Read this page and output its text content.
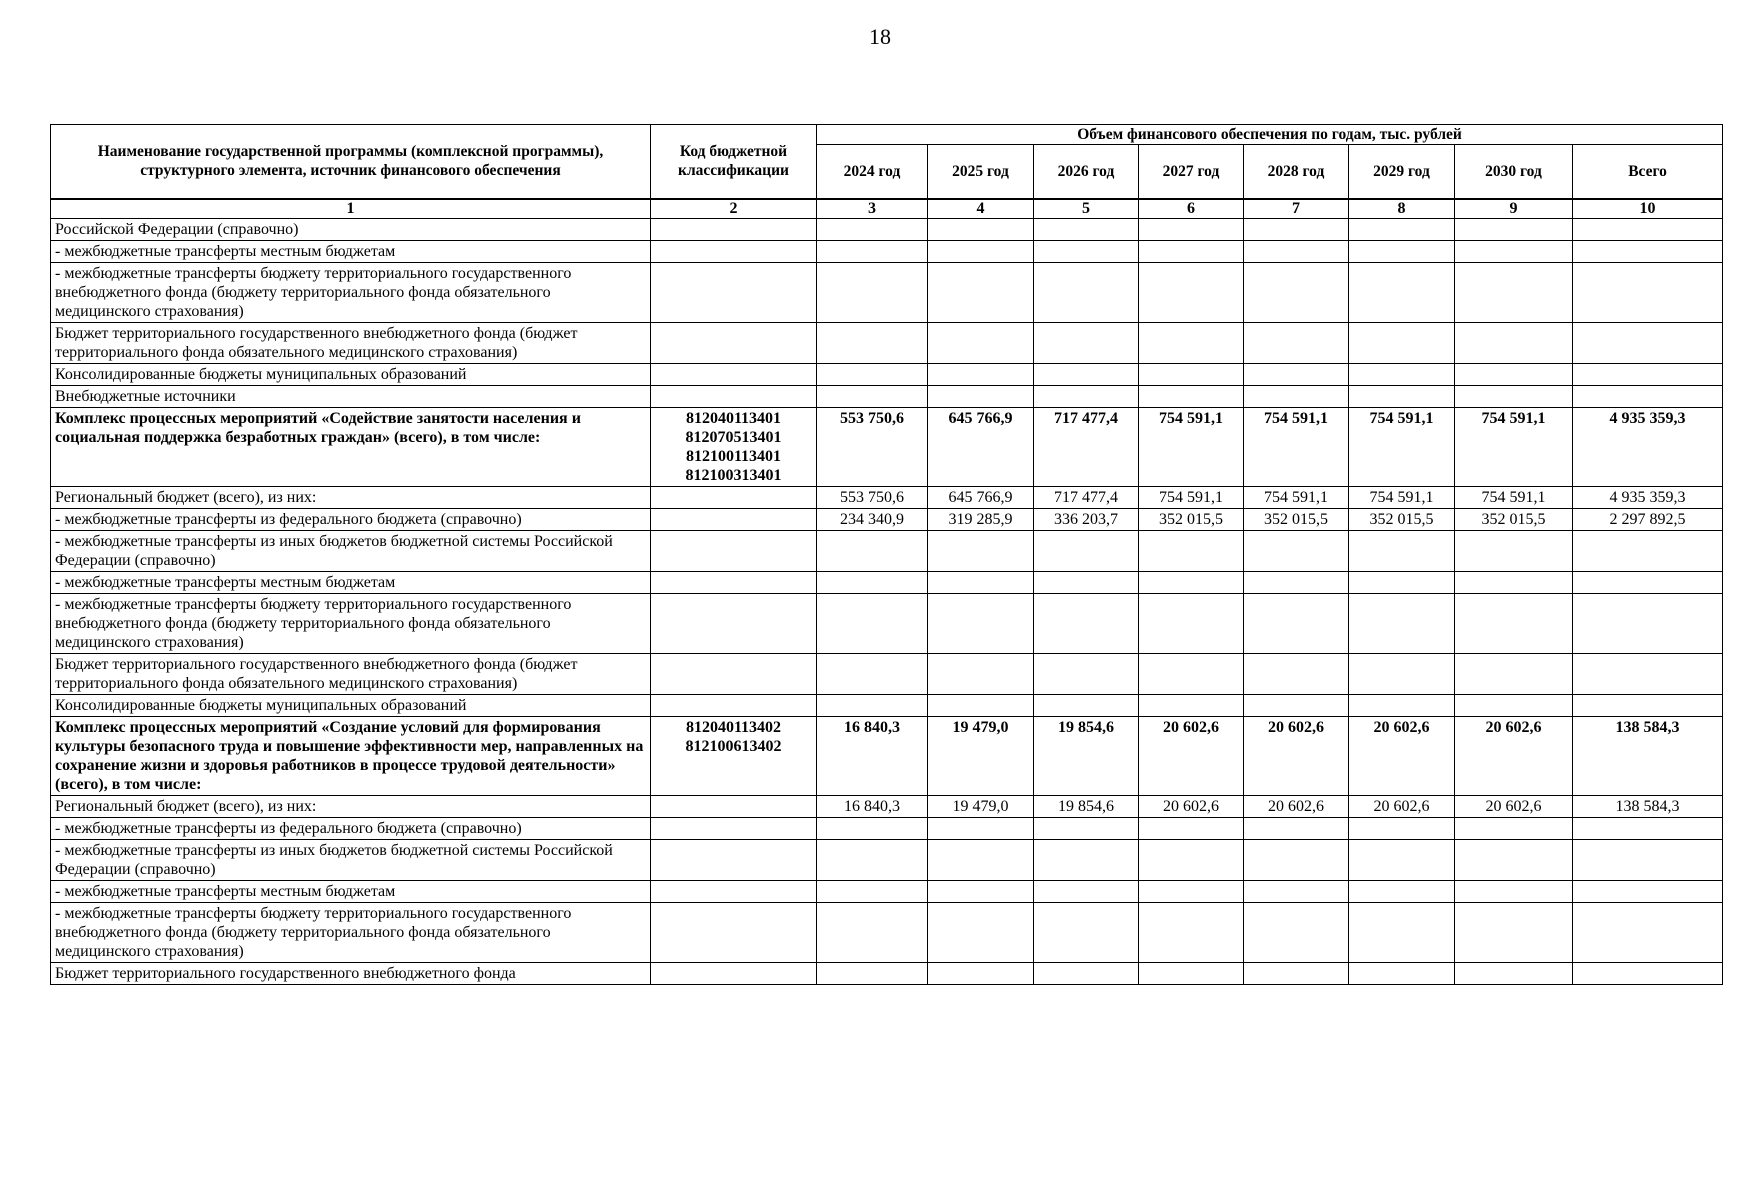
18
Наименование государственной программы (комплексной программы), структурного элемента, источник финансового обеспечения	Код бюджетной классификации	Объем финансового обеспечения по годам, тыс. рублей							
		2024 год	2025 год	2026 год	2027 год	2028 год	2029 год	2030 год	Всего
1	2	3	4	5	6	7	8	9	10
Российской Федерации (справочно)									
- межбюджетные трансферты местным бюджетам									
- межбюджетные трансферты бюджету территориального государственного внебюджетного фонда (бюджету территориального фонда обязательного медицинского страхования)									
Бюджет территориального государственного внебюджетного фонда (бюджет территориального фонда обязательного медицинского страхования)									
Консолидированные бюджеты муниципальных образований									
Внебюджетные источники									
Комплекс процессных мероприятий «Содействие занятости населения и социальная поддержка безработных граждан» (всего), в том числе:	812040113401 812070513401 812100113401 812100313401	553 750,6	645 766,9	717 477,4	754 591,1	754 591,1	754 591,1	754 591,1	4 935 359,3
Региональный бюджет (всего), из них:		553 750,6	645 766,9	717 477,4	754 591,1	754 591,1	754 591,1	754 591,1	4 935 359,3
- межбюджетные трансферты из федерального бюджета (справочно)		234 340,9	319 285,9	336 203,7	352 015,5	352 015,5	352 015,5	352 015,5	2 297 892,5
- межбюджетные трансферты из иных бюджетов бюджетной системы Российской Федерации (справочно)									
- межбюджетные трансферты местным бюджетам									
- межбюджетные трансферты бюджету территориального государственного внебюджетного фонда (бюджету территориального фонда обязательного медицинского страхования)									
Бюджет территориального государственного внебюджетного фонда (бюджет территориального фонда обязательного медицинского страхования)									
Консолидированные бюджеты муниципальных образований									
Комплекс процессных мероприятий «Создание условий для формирования культуры безопасного труда и повышение эффективности мер, направленных на сохранение жизни и здоровья работников в процессе трудовой деятельности» (всего), в том числе:	812040113402 812100613402	16 840,3	19 479,0	19 854,6	20 602,6	20 602,6	20 602,6	20 602,6	138 584,3
Региональный бюджет (всего), из них:		16 840,3	19 479,0	19 854,6	20 602,6	20 602,6	20 602,6	20 602,6	138 584,3
- межбюджетные трансферты из федерального бюджета (справочно)									
- межбюджетные трансферты из иных бюджетов бюджетной системы Российской Федерации (справочно)									
- межбюджетные трансферты местным бюджетам									
- межбюджетные трансферты бюджету территориального государственного внебюджетного фонда (бюджету территориального фонда обязательного медицинского страхования)									
Бюджет территориального государственного внебюджетного фонда									
